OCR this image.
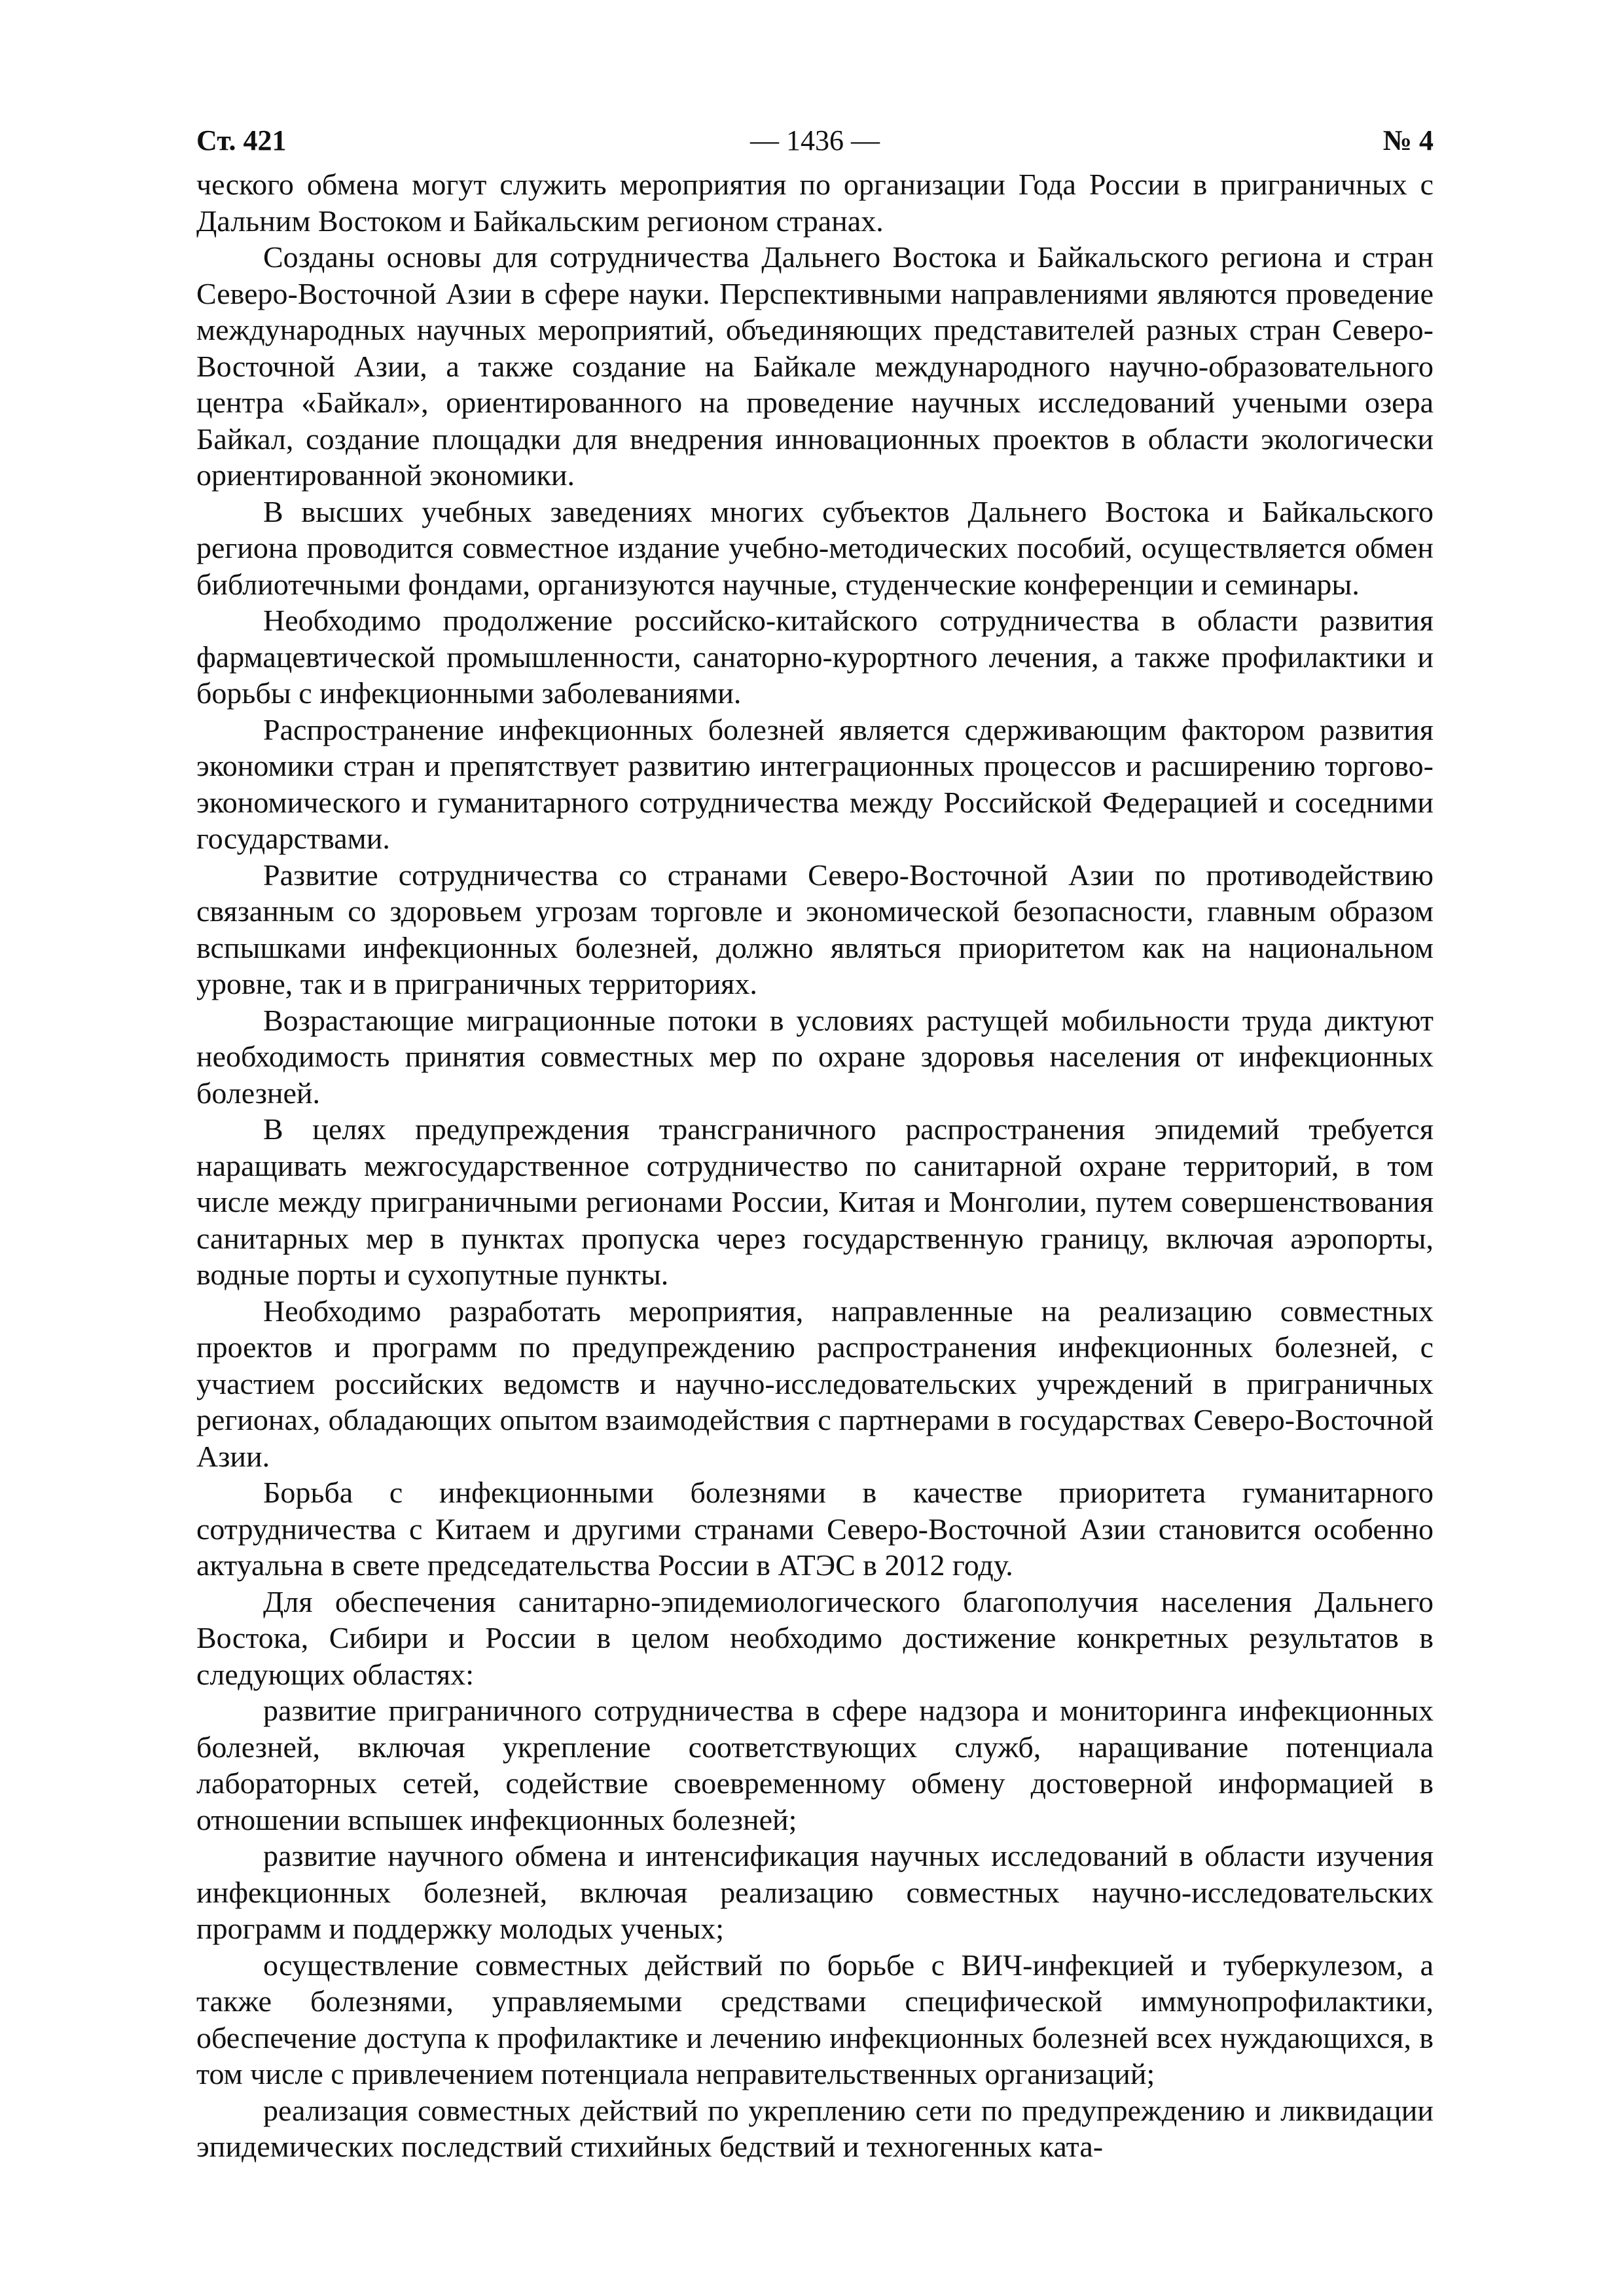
Ст. 421	— 1436 —	№ 4

ческого обмена могут служить мероприятия по организации Года России в приграничных с Дальним Востоком и Байкальским регионом странах.

Созданы основы для сотрудничества Дальнего Востока и Байкальского региона и стран Северо-Восточной Азии в сфере науки. Перспективными направлениями являются проведение международных научных мероприятий, объединяющих представителей разных стран Северо-Восточной Азии, а также создание на Байкале международного научно-образовательного центра «Байкал», ориентированного на проведение научных исследований учеными озера Байкал, создание площадки для внедрения инновационных проектов в области экологически ориентированной экономики.

В высших учебных заведениях многих субъектов Дальнего Востока и Байкальского региона проводится совместное издание учебно-методических пособий, осуществляется обмен библиотечными фондами, организуются научные, студенческие конференции и семинары.

Необходимо продолжение российско-китайского сотрудничества в области развития фармацевтической промышленности, санаторно-курортного лечения, а также профилактики и борьбы с инфекционными заболеваниями.

Распространение инфекционных болезней является сдерживающим фактором развития экономики стран и препятствует развитию интеграционных процессов и расширению торгово-экономического и гуманитарного сотрудничества между Российской Федерацией и соседними государствами.

Развитие сотрудничества со странами Северо-Восточной Азии по противодействию связанным со здоровьем угрозам торговле и экономической безопасности, главным образом вспышками инфекционных болезней, должно являться приоритетом как на национальном уровне, так и в приграничных территориях.

Возрастающие миграционные потоки в условиях растущей мобильности труда диктуют необходимость принятия совместных мер по охране здоровья населения от инфекционных болезней.

В целях предупреждения трансграничного распространения эпидемий требуется наращивать межгосударственное сотрудничество по санитарной охране территорий, в том числе между приграничными регионами России, Китая и Монголии, путем совершенствования санитарных мер в пунктах пропуска через государственную границу, включая аэропорты, водные порты и сухопутные пункты.

Необходимо разработать мероприятия, направленные на реализацию совместных проектов и программ по предупреждению распространения инфекционных болезней, с участием российских ведомств и научно-исследовательских учреждений в приграничных регионах, обладающих опытом взаимодействия с партнерами в государствах Северо-Восточной Азии.

Борьба с инфекционными болезнями в качестве приоритета гуманитарного сотрудничества с Китаем и другими странами Северо-Восточной Азии становится особенно актуальна в свете председательства России в АТЭС в 2012 году.

Для обеспечения санитарно-эпидемиологического благополучия населения Дальнего Востока, Сибири и России в целом необходимо достижение конкретных результатов в следующих областях:

развитие приграничного сотрудничества в сфере надзора и мониторинга инфекционных болезней, включая укрепление соответствующих служб, наращивание потенциала лабораторных сетей, содействие своевременному обмену достоверной информацией в отношении вспышек инфекционных болезней;

развитие научного обмена и интенсификация научных исследований в области изучения инфекционных болезней, включая реализацию совместных научно-исследовательских программ и поддержку молодых ученых;

осуществление совместных действий по борьбе с ВИЧ-инфекцией и туберкулезом, а также болезнями, управляемыми средствами специфической иммунопрофилактики, обеспечение доступа к профилактике и лечению инфекционных болезней всех нуждающихся, в том числе с привлечением потенциала неправительственных организаций;

реализация совместных действий по укреплению сети по предупреждению и ликвидации эпидемических последствий стихийных бедствий и техногенных ката-
